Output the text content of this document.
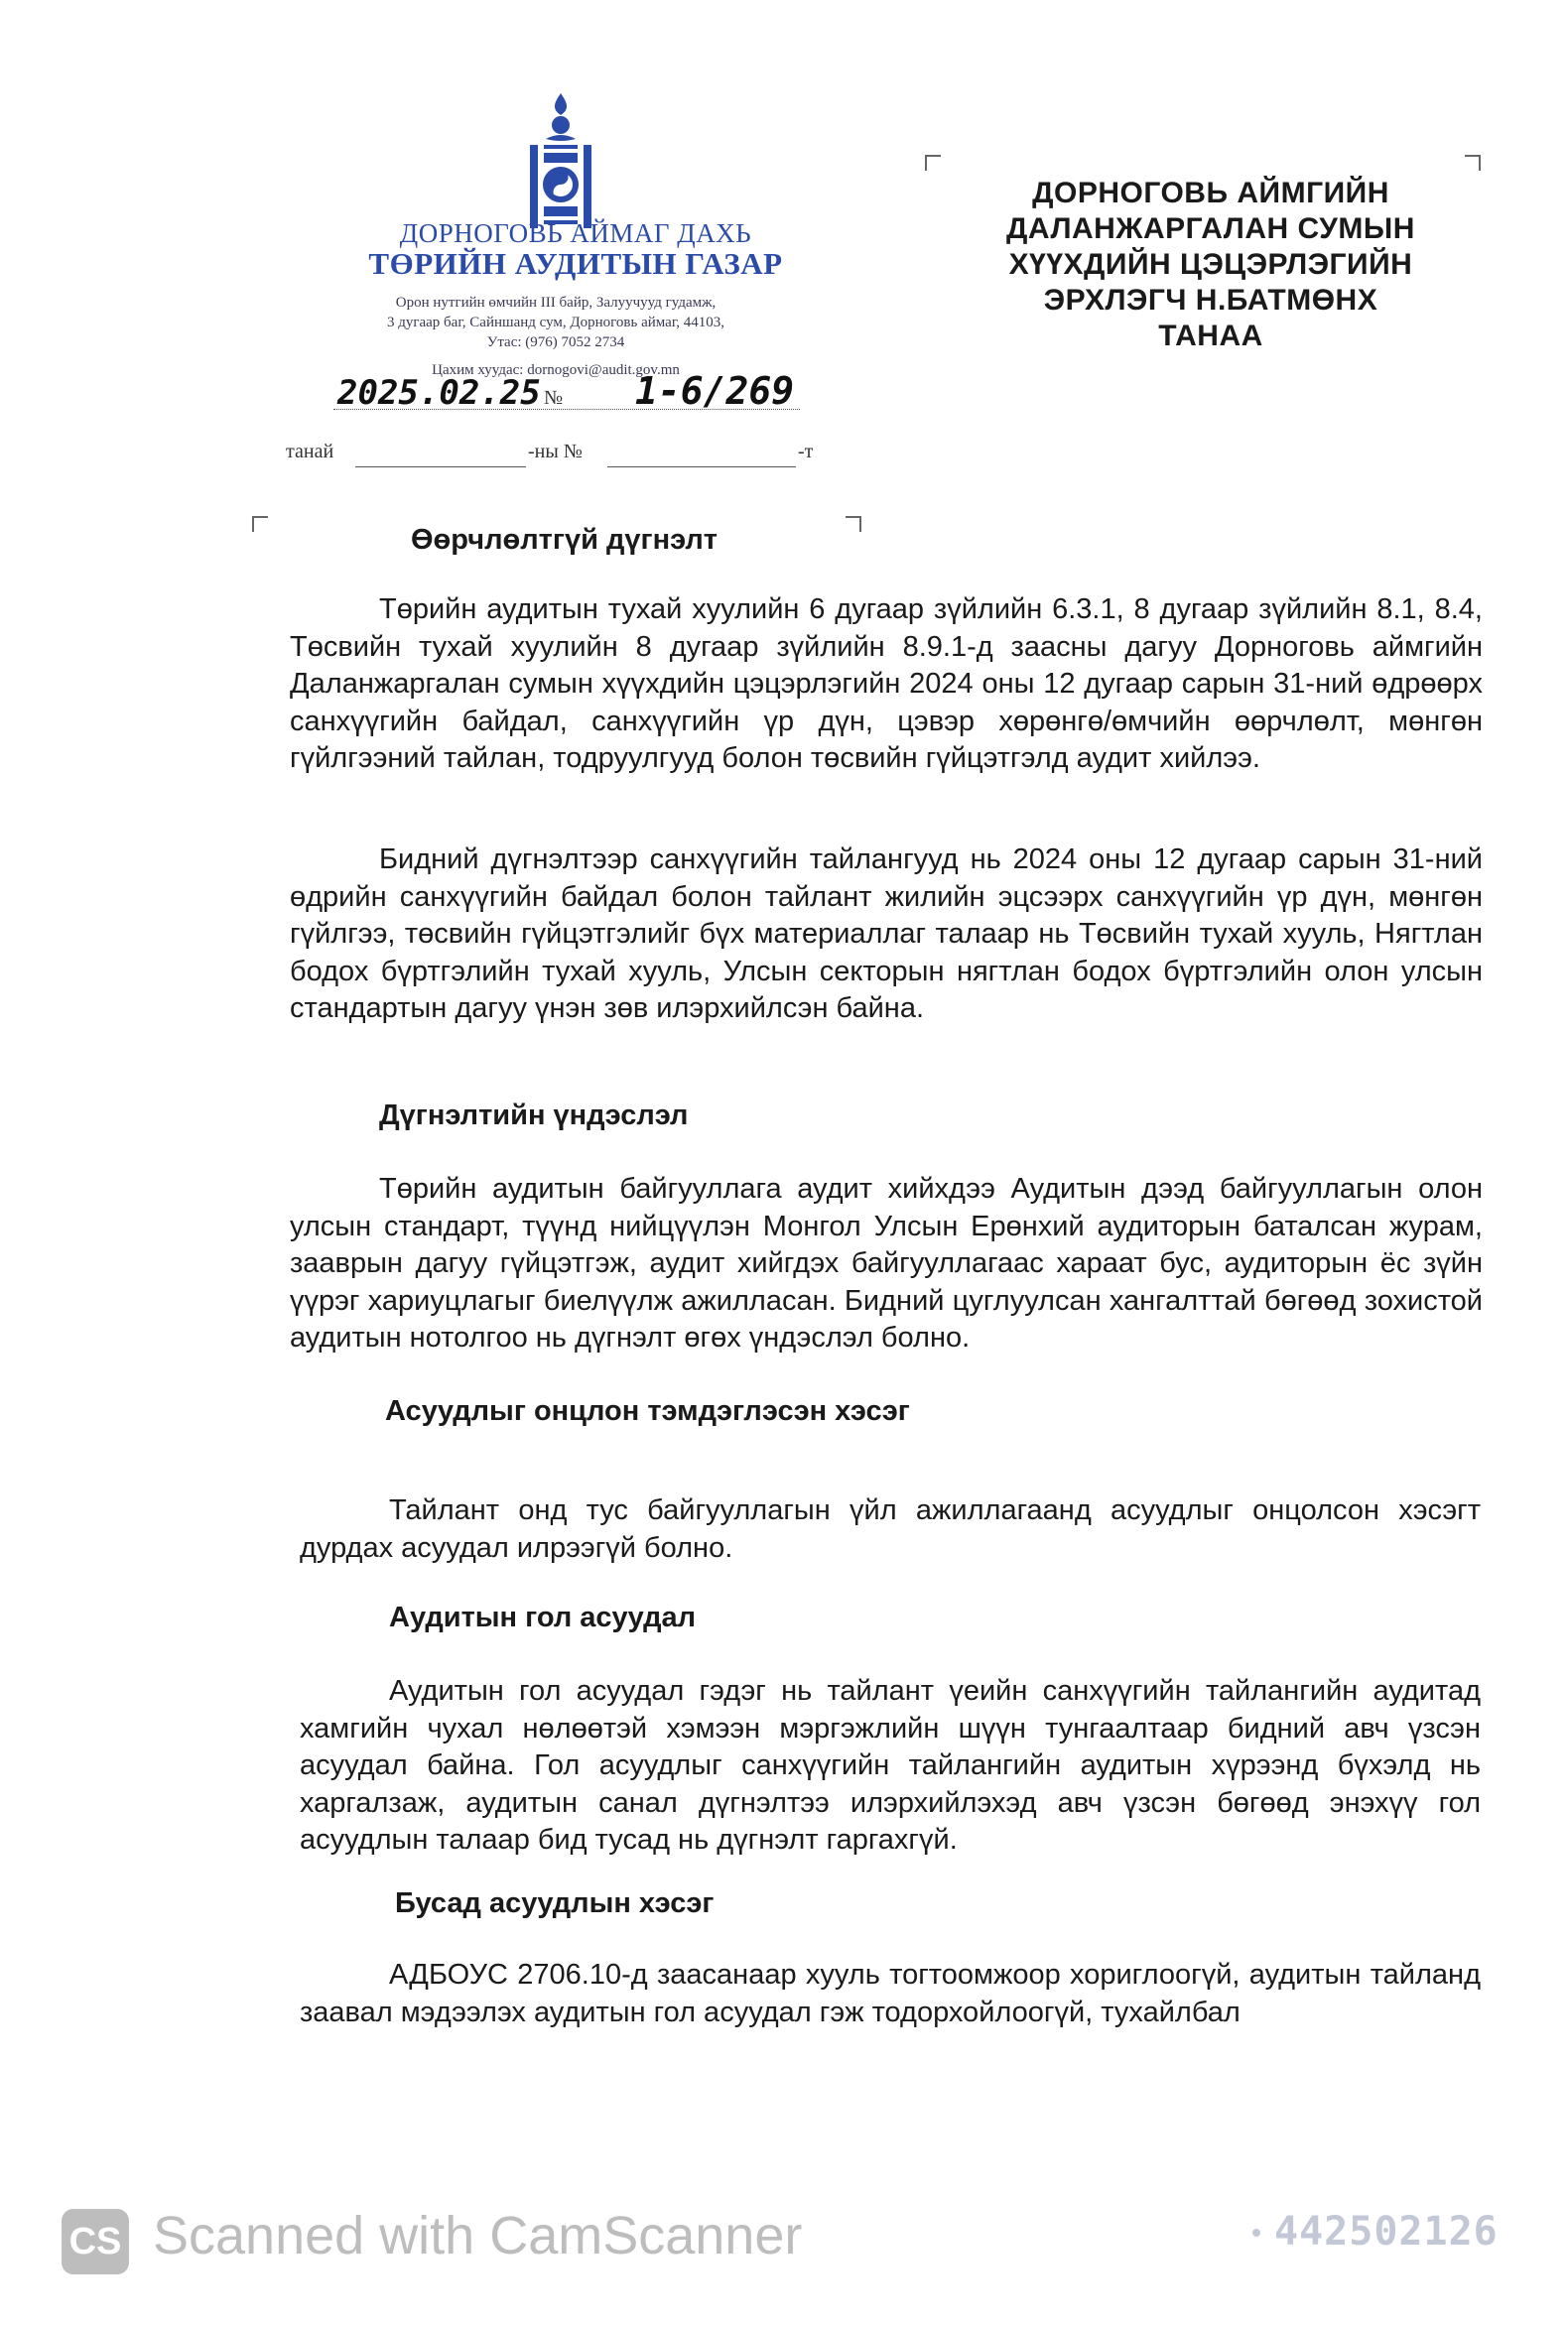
ДОРНОГОВЬ АЙМАГ ДАХЬ
ТӨРИЙН АУДИТЫН ГАЗАР
Орон нутгийн өмчийн III байр, Залуучууд гудамж,
3 дугаар баг, Сайншанд сум, Дорноговь аймаг, 44103,
Утас: (976) 7052 2734
Цахим хуудас: dornogovi@audit.gov.mn
2025.02.25 № 1-6/269
танай	-ны №	-т
ДОРНОГОВЬ АЙМГИЙН
ДАЛАНЖАРГАЛАН СУМЫН
ХҮҮХДИЙН ЦЭЦЭРЛЭГИЙН
ЭРХЛЭГЧ Н.БАТМӨНХ
ТАНАА
Өөрчлөлтгүй дүгнэлт
Төрийн аудитын тухай хуулийн 6 дугаар зүйлийн 6.3.1, 8 дугаар зүйлийн 8.1, 8.4, Төсвийн тухай хуулийн 8 дугаар зүйлийн 8.9.1-д заасны дагуу Дорноговь аймгийн Даланжаргалан сумын хүүхдийн цэцэрлэгийн 2024 оны 12 дугаар сарын 31-ний өдрөөрх санхүүгийн байдал, санхүүгийн үр дүн, цэвэр хөрөнгө/өмчийн өөрчлөлт, мөнгөн гүйлгээний тайлан, тодруулгууд болон төсвийн гүйцэтгэлд аудит хийлээ.
Бидний дүгнэлтээр санхүүгийн тайлангууд нь 2024 оны 12 дугаар сарын 31-ний өдрийн санхүүгийн байдал болон тайлант жилийн эцсээрх санхүүгийн үр дүн, мөнгөн гүйлгээ, төсвийн гүйцэтгэлийг бүх материаллаг талаар нь Төсвийн тухай хууль, Нягтлан бодох бүртгэлийн тухай хууль, Улсын секторын нягтлан бодох бүртгэлийн олон улсын стандартын дагуу үнэн зөв илэрхийлсэн байна.
Дүгнэлтийн үндэслэл
Төрийн аудитын байгууллага аудит хийхдээ Аудитын дээд байгууллагын олон улсын стандарт, түүнд нийцүүлэн Монгол Улсын Ерөнхий аудиторын баталсан журам, зааврын дагуу гүйцэтгэж, аудит хийгдэх байгууллагаас хараат бус, аудиторын ёс зүйн үүрэг хариуцлагыг биелүүлж ажилласан. Бидний цуглуулсан хангалттай бөгөөд зохистой аудитын нотолгоо нь дүгнэлт өгөх үндэслэл болно.
Асуудлыг онцлон тэмдэглэсэн хэсэг
Тайлант онд тус байгууллагын үйл ажиллагаанд асуудлыг онцолсон хэсэгт дурдах асуудал илрээгүй болно.
Аудитын гол асуудал
Аудитын гол асуудал гэдэг нь тайлант үеийн санхүүгийн тайлангийн аудитад хамгийн чухал нөлөөтэй хэмээн мэргэжлийн шүүн тунгаалтаар бидний авч үзсэн асуудал байна. Гол асуудлыг санхүүгийн тайлангийн аудитын хүрээнд бүхэлд нь харгалзаж, аудитын санал дүгнэлтээ илэрхийлэхэд авч үзсэн бөгөөд энэхүү гол асуудлын талаар бид тусад нь дүгнэлт гаргахгүй.
Бусад асуудлын хэсэг
АДБОУС 2706.10-д заасанаар хууль тогтоомжоор хориглоогүй, аудитын тайланд заавал мэдээлэх аудитын гол асуудал гэж тодорхойлоогүй, тухайлбал
CS Scanned with CamScanner	442502126
